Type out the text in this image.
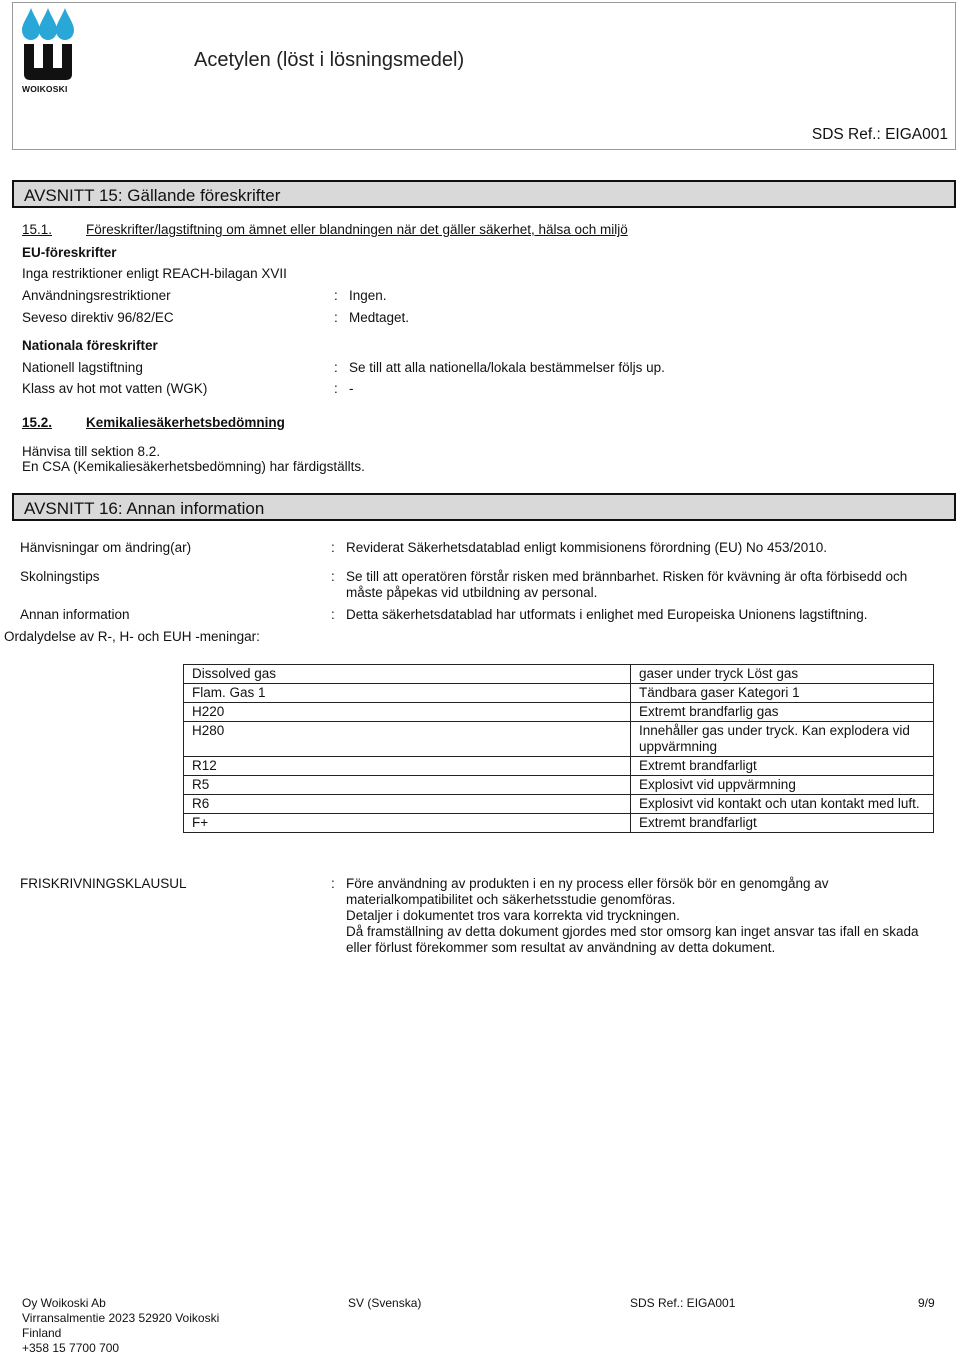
WOIKOSKI
Acetylen (löst i lösningsmedel)
SDS Ref.: EIGA001
AVSNITT 15: Gällande föreskrifter
15.1.	Föreskrifter/lagstiftning om ämnet eller blandningen när det gäller säkerhet, hälsa och miljö
EU-föreskrifter
Inga restriktioner enligt REACH-bilagan XVII
Användningsrestriktioner	: Ingen.
Seveso direktiv 96/82/EC	: Medtaget.
Nationala föreskrifter
Nationell lagstiftning	: Se till att alla nationella/lokala bestämmelser följs up.
Klass av hot mot vatten (WGK)	: -
15.2.	Kemikaliesäkerhetsbedömning
Hänvisa till sektion 8.2.
En CSA (Kemikaliesäkerhetsbedömning) har färdigställts.
AVSNITT 16: Annan information
Hänvisningar om ändring(ar)	: Reviderat Säkerhetsdatablad enligt kommisionens förordning (EU) No 453/2010.
Skolningstips	: Se till att operatören förstår risken med brännbarhet. Risken för kvävning är ofta förbisedd och måste påpekas vid utbildning av personal.
Annan information	: Detta säkerhetsdatablad har utformats i enlighet med Europeiska Unionens lagstiftning.
Ordalydelse av R-, H- och EUH -meningar:
Dissolved gas	gaser under tryck Löst gas
Flam. Gas 1	Tändbara gaser Kategori 1
H220	Extremt brandfarlig gas
H280	Innehåller gas under tryck. Kan explodera vid uppvärmning
R12	Extremt brandfarligt
R5	Explosivt vid uppvärmning
R6	Explosivt vid kontakt och utan kontakt med luft.
F+	Extremt brandfarligt
FRISKRIVNINGSKLAUSUL	: Före användning av produkten i en ny process eller försök bör en genomgång av materialkompatibilitet och säkerhetsstudie genomföras.
Detaljer i dokumentet tros vara korrekta vid tryckningen.
Då framställning av detta dokument gjordes med stor omsorg kan inget ansvar tas ifall en skada eller förlust förekommer som resultat av användning av detta dokument.
Oy Woikoski Ab
Virransalmentie 2023 52920 Voikoski
Finland
+358 15 7700 700
SV (Svenska)	SDS Ref.: EIGA001	9/9
